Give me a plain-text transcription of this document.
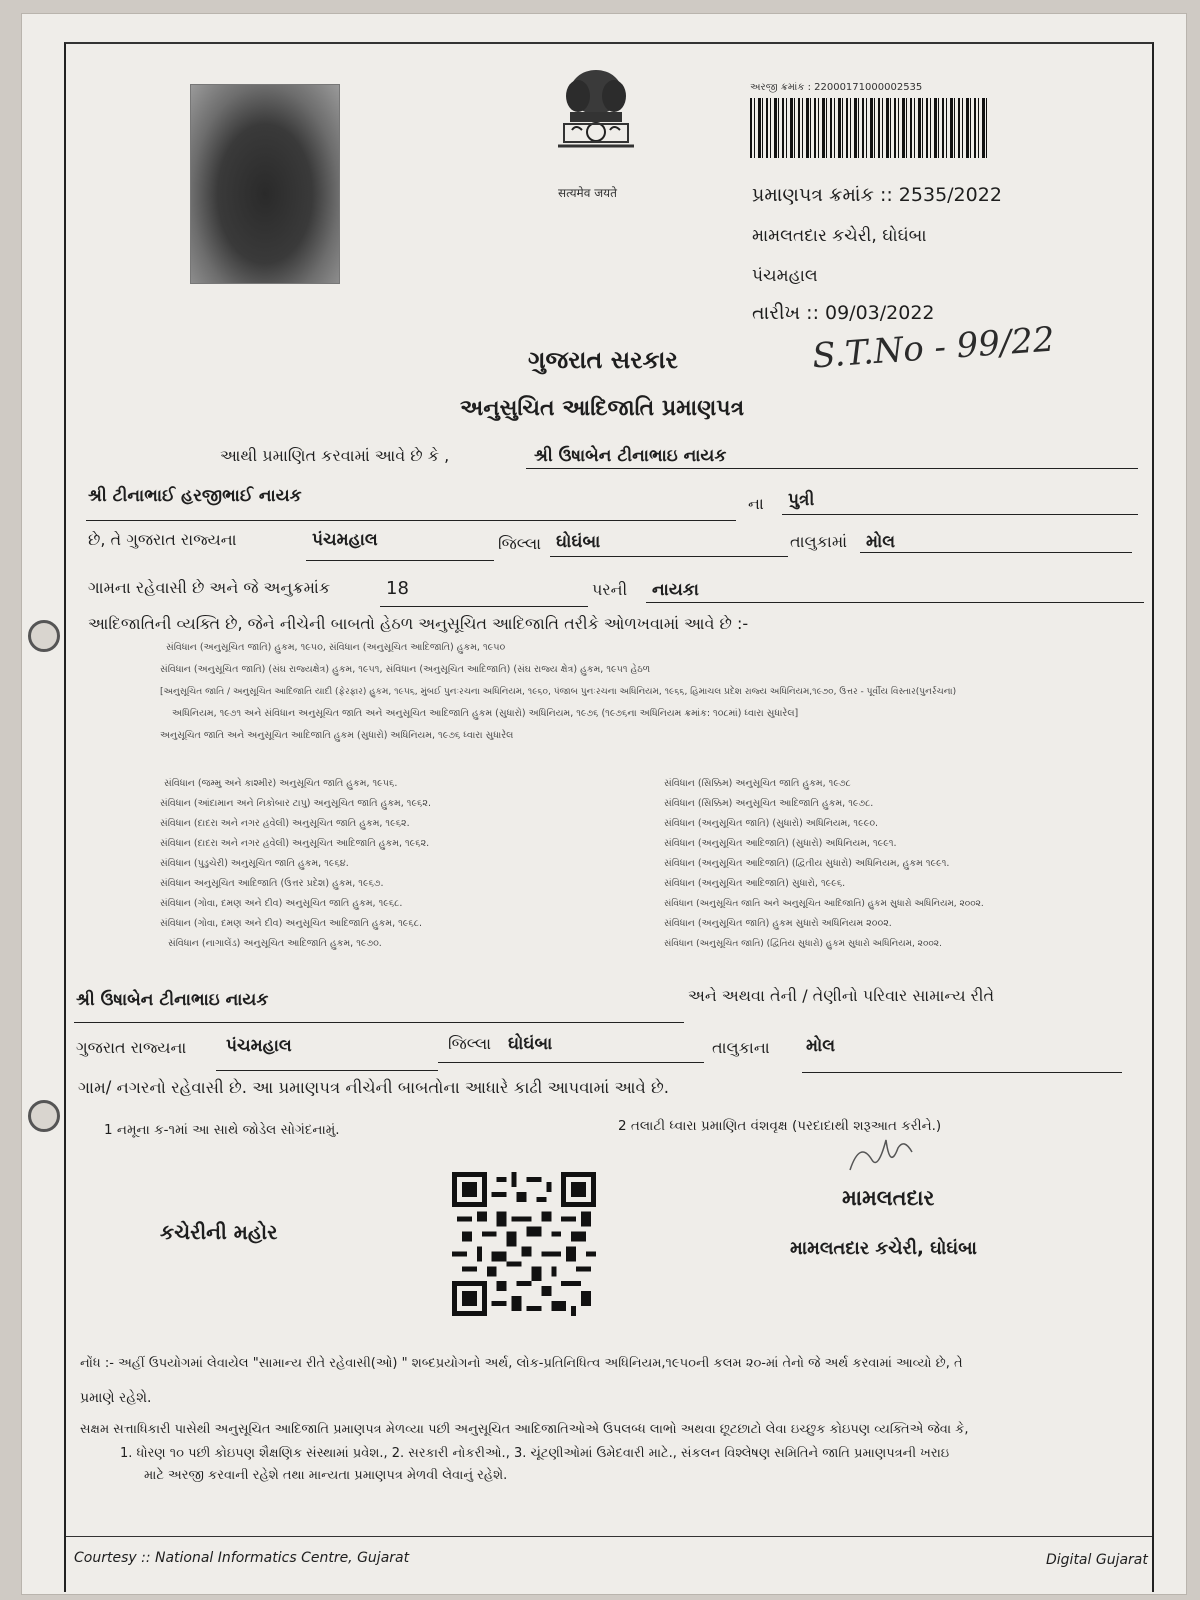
सत्यमेव जयते
અરજી ક્રમાંક : 22000171000002535
પ્રમાણપત્ર ક્રમાંક :: 2535/2022
મામલતદાર કચેરી, ઘોઘંબા
પંચમહાલ
તારીખ :: 09/03/2022
S.T.No - 99/22
ગુજરાત સરકાર
અનુસુચિત આદિજાતિ પ્રમાણપત્ર
આથી પ્રમાણિત કરવામાં આવે છે કે ,	શ્રી ઉષાબેન ટીનાભાઇ નાયક
શ્રી ટીનાભાઈ હરજીભાઈ નાયક	ના પુત્રી
છે, તે ગુજરાત રાજ્યના	પંચમહાલ	જિલ્લા ઘોઘંબા	તાલુકામાં મોલ
ગામના રહેવાસી છે અને જે અનુક્રમાંક	18	પરની નાયકા
આદિજાતિની વ્યક્તિ છે, જેને નીચેની બાબતો હેઠળ અનુસૂચિત આદિજાતિ તરીકે ઓળખવામાં આવે છે :-
સંવિધાન (અનુસૂચિત જાતિ) હુકમ, ૧૯૫૦, સંવિધાન (અનુસૂચિત આદિજાતિ) હુકમ, ૧૯૫૦
સંવિધાન (અનુસૂચિત જાતિ) (સંઘ રાજ્યક્ષેત્ર) હુકમ, ૧૯૫૧, સંવિધાન (અનુસૂચિત આદિજાતિ) (સંઘ રાજ્ય ક્ષેત્ર) હુકમ, ૧૯૫૧ હેઠળ
[અનુસૂચિત જાતિ / અનુસૂચિત આદિજાતિ યાદી (ફેરફાર) હુકમ, ૧૯૫૬, મુંબઈ પુનઃરચના અધિનિયમ, ૧૯૬૦, પંજાબ પુનઃરચના અધિનિયમ, ૧૯૬૬, હિમાચલ પ્રદેશ રાજ્ય અધિનિયમ,૧૯૭૦, ઉત્તર - પૂર્વીય વિસ્તાર(પુનર્રચના)
અધિનિયમ, ૧૯૭૧ અને સંવિધાન અનુસૂચિત જાતિ અને અનુસૂચિત આદિજાતિ હુકમ (સુધારો) અધિનિયમ, ૧૯૭૬ (૧૯૭૬ના અધિનિયમ ક્રમાંક: ૧૦૮માં) ધ્વારા સુધારેલ]
અનુસૂચિત જાતિ અને અનુસૂચિત આદિજાતિ હુકમ (સુધારો) અધિનિયમ, ૧૯૭૬ ધ્વારા સુધારેલ
સંવિધાન (જમ્મુ અને કાશ્મીર) અનુસૂચિત જાતિ હુકમ, ૧૯૫૬.
સંવિધાન (આંદામાન અને નિકોબાર ટાપુ) અનુસૂચિત જાતિ હુકમ, ૧૯૬૨.
સંવિધાન (દાદરા અને નગર હવેલી) અનુસૂચિત જાતિ હુકમ, ૧૯૬૨.
સંવિધાન (દાદરા અને નગર હવેલી) અનુસૂચિત આદિજાતિ હુકમ, ૧૯૬૨.
સંવિધાન (પુડુચેરી) અનુસૂચિત જાતિ હુકમ, ૧૯૬૪.
સંવિધાન અનુસૂચિત આદિજાતિ (ઉત્તર પ્રદેશ) હુકમ, ૧૯૬૭.
સંવિધાન (ગોવા, દમણ અને દીવ) અનુસૂચિત જાતિ હુકમ, ૧૯૬૮.
સંવિધાન (ગોવા, દમણ અને દીવ) અનુસૂચિત આદિજાતિ હુકમ, ૧૯૬૮.
સંવિધાન (નાગાલેંડ) અનુસૂચિત આદિજાતિ હુકમ, ૧૯૭૦.
સંવિધાન (સિક્કિમ) અનુસૂચિત જાતિ હુકમ, ૧૯૭૮
સંવિધાન (સિક્કિમ) અનુસૂચિત આદિજાતિ હુકમ, ૧૯૭૮.
સંવિધાન (અનુસૂચિત જાતિ) (સુધારો) અધિનિયમ, ૧૯૯૦.
સંવિધાન (અનુસૂચિત આદિજાતિ) (સુધારો) અધિનિયમ, ૧૯૯૧.
સંવિધાન (અનુસૂચિત આદિજાતિ) (દ્વિતીય સુધારો) અધિનિયમ, હુકમ ૧૯૯૧.
સંવિધાન (અનુસૂચિત આદિજાતિ) સુધારો, ૧૯૯૬.
સંવિધાન (અનુસૂચિત જાતિ અને અનુસૂચિત આદિજાતિ) હુકમ સુધારો અધિનિયમ, ૨૦૦૨.
સંવિધાન (અનુસૂચિત જાતિ) હુકમ સુધારો અધિનિયમ ૨૦૦૨.
સંવિધાન (અનુસૂચિત જાતિ) (દ્વિતિય સુધારો) હુકમ સુધારો અધિનિયમ, ૨૦૦૨.
શ્રી ઉષાબેન ટીનાભાઇ નાયક	અને અથવા તેની / તેણીનો પરિવાર સામાન્ય રીતે
ગુજરાત રાજ્યના પંચમહાલ	જિલ્લા ઘોઘંબા	તાલુકાના મોલ
ગામ/ નગરનો રહેવાસી છે. આ પ્રમાણપત્ર નીચેની બાબતોના આધારે કાઢી આપવામાં આવે છે.
1 નમૂના ક-૧માં આ સાથે જોડેલ સોગંદનામું.	2 તલાટી ધ્વારા પ્રમાણિત વંશવૃક્ષ (પરદાદાથી શરૂઆત કરીને.)
કચેરીની મહોર
મામલતદાર
મામલતદાર કચેરી, ઘોઘંબા
નોંધ :- અહીં ઉપયોગમાં લેવાયેલ "સામાન્ય રીતે રહેવાસી(ઓ) " શબ્દપ્રયોગનો અર્થ, લોક-પ્રતિનિધિત્વ અધિનિયમ,૧૯૫૦ની કલમ ૨૦-માં તેનો જે અર્થ કરવામાં આવ્યો છે, તે
પ્રમાણે રહેશે.
સક્ષમ સત્તાધિકારી પાસેથી અનુસૂચિત આદિજાતિ પ્રમાણપત્ર મેળવ્યા પછી અનુસૂચિત આદિજાતિઓએ ઉપલબ્ધ લાભો અથવા છૂટછાટો લેવા ઇચ્છુક કોઇપણ વ્યક્તિએ જેવા કે,
1. ધોરણ ૧૦ પછી કોઇપણ શૈક્ષણિક સંસ્થામાં પ્રવેશ., 2. સરકારી નોકરીઓ., 3. ચૂંટણીઓમાં ઉમેદવારી માટે., સંકલન વિશ્લેષણ સમિતિને જાતિ પ્રમાણપત્રની ખરાઇ
માટે અરજી કરવાની રહેશે તથા માન્યતા પ્રમાણપત્ર મેળવી લેવાનું રહેશે.
Courtesy :: National Informatics Centre, Gujarat	Digital Gujarat
